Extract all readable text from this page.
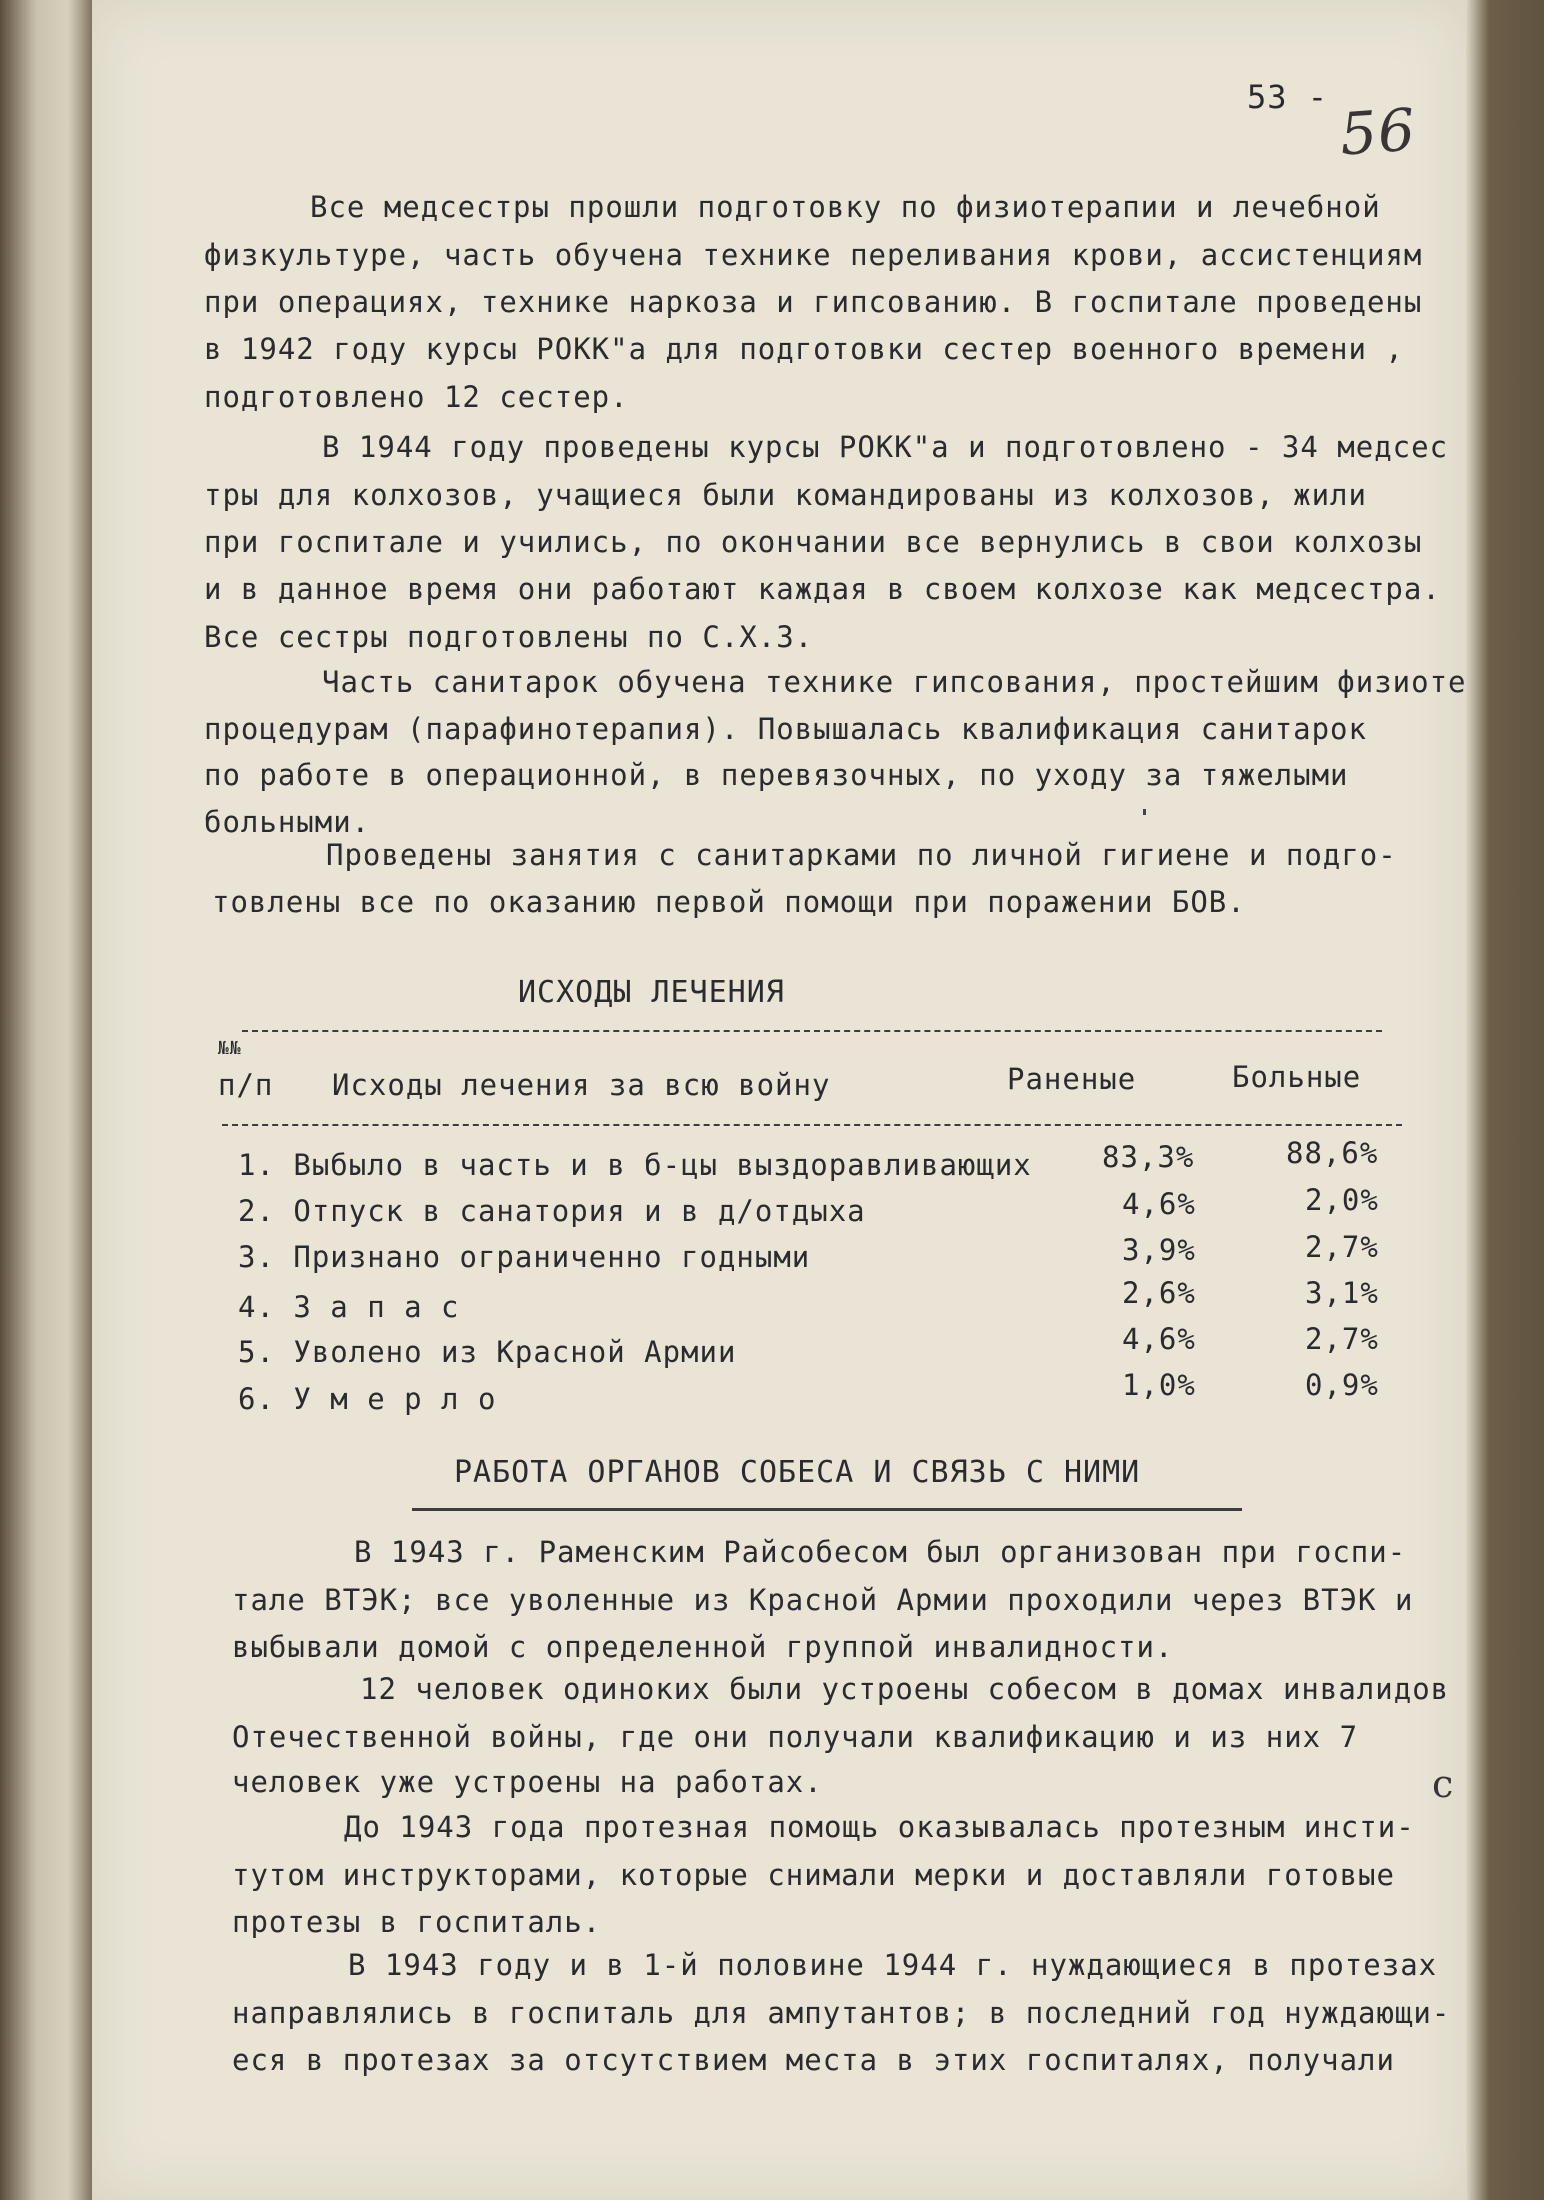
53 - 56
Все медсестры прошли подготовку по физиотерапии и лечебной
физкультуре, часть обучена технике переливания крови, ассистенциям
при операциях, технике наркоза и гипсованию. В госпитале проведены
в 1942 году курсы РОКК"а для подготовки сестер военного времени ,
подготовлено 12 сестер.
В 1944 году проведены курсы РОКК"а и подготовлено - 34 медсес
тры для колхозов, учащиеся были командированы из колхозов, жили
при госпитале и учились, по окончании все вернулись в свои колхозы
и в данное время они работают каждая в своем колхозе как медсестра.
Все сестры подготовлены по С.Х.З.
Часть санитарок обучена технике гипсования, простейшим физиоте
процедурам (парафинотерапия). Повышалась квалификация санитарок
по работе в операционной, в перевязочных, по уходу за тяжелыми
больными.
Проведены занятия с санитарками по личной гигиене и подго-
товлены все по оказанию первой помощи при поражении БОВ.
ИСХОДЫ ЛЕЧЕНИЯ
№№
п/п Исходы лечения за всю войну	Раненые	Больные
1. Выбыло в часть и в б-цы выздоравливающих 83,3%	88,6%
2. Отпуск в санатория и в д/отдыха	4,6%	2,0%
3. Признано ограниченно годными	3,9%	2,7%
4. З а п а с	2,6%	3,1%
5. Уволено из Красной Армии	4,6%	2,7%
6. У м е р л о	1,0%	0,9%
РАБОТА ОРГАНОВ СОБЕСА И СВЯЗЬ С НИМИ
В 1943 г. Раменским Райсобесом был организован при госпи-
тале ВТЭК; все уволенные из Красной Армии проходили через ВТЭК и
выбывали домой с определенной группой инвалидности.
12 человек одиноких были устроены собесом в домах инвалидов
Отечественной войны, где они получали квалификацию и из них 7
человек уже устроены на работах.	c
До 1943 года протезная помощь оказывалась протезным инсти-
тутом инструкторами, которые снимали мерки и доставляли готовые
протезы в госпиталь.
В 1943 году и в 1-й половине 1944 г. нуждающиеся в протезах
направлялись в госпиталь для ампутантов; в последний год нуждающи-
еся в протезах за отсутствием места в этих госпиталях, получали
